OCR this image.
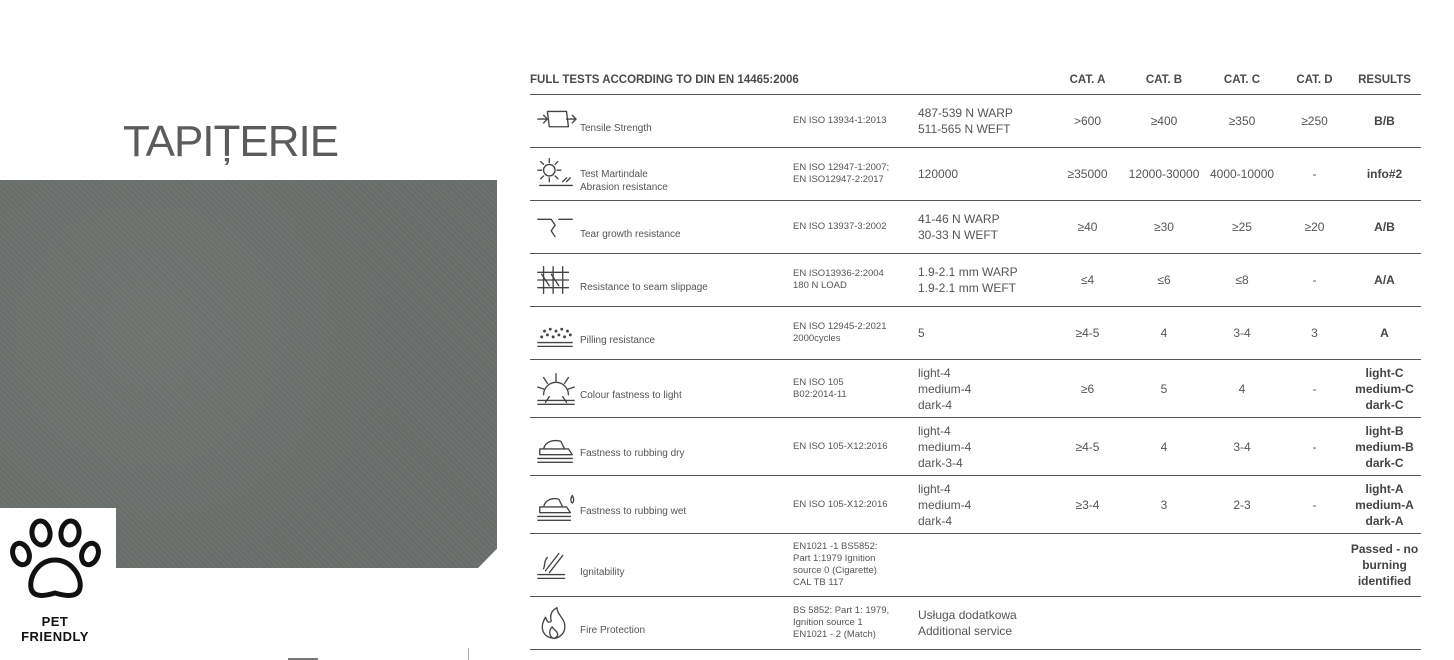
TAPIȚERIE
PET
FRIENDLY
FULL TESTS ACCORDING TO DIN EN 14465:2006				CAT. A	CAT. B	CAT. C	CAT. D	RESULTS

Tensile Strength	EN ISO 13934-1:2013	487-539 N WARP
511-565 N WEFT	>600	≥400	≥350	≥250	B/B

Test Martindale
Abrasion resistance	EN ISO 12947-1:2007;
EN ISO12947-2:2017	120000	≥35000	12000-30000	4000-10000	-	info#2

Tear growth resistance	EN ISO 13937-3:2002	41-46 N WARP
30-33 N WEFT	≥40	≥30	≥25	≥20	A/B

Resistance to seam slippage	EN ISO13936-2:2004
180 N LOAD	1.9-2.1 mm WARP
1.9-2.1 mm WEFT	≤4	≤6	≤8	-	A/A

Pilling resistance	EN ISO 12945-2:2021
2000cycles	5	≥4-5	4	3-4	3	A

Colour fastness to light	EN ISO 105
B02:2014-11	light-4
medium-4
dark-4	≥6	5	4	-	light-C
medium-C
dark-C

Fastness to rubbing dry	EN ISO 105-X12:2016	light-4
medium-4
dark-3-4	≥4-5	4	3-4	-	light-B
medium-B
dark-C

Fastness to rubbing wet	EN ISO 105-X12:2016	light-4
medium-4
dark-4	≥3-4	3	2-3	-	light-A
medium-A
dark-A

Ignitability	EN1021 -1 BS5852:
Part 1:1979 Ignition
source 0 (Cigarette)
CAL TB 117						Passed - no
burning
identified

Fire Protection	BS 5852: Part 1: 1979,
Ignition source 1
EN1021 - 2 (Match)	Usługa dodatkowa
Additional service					
